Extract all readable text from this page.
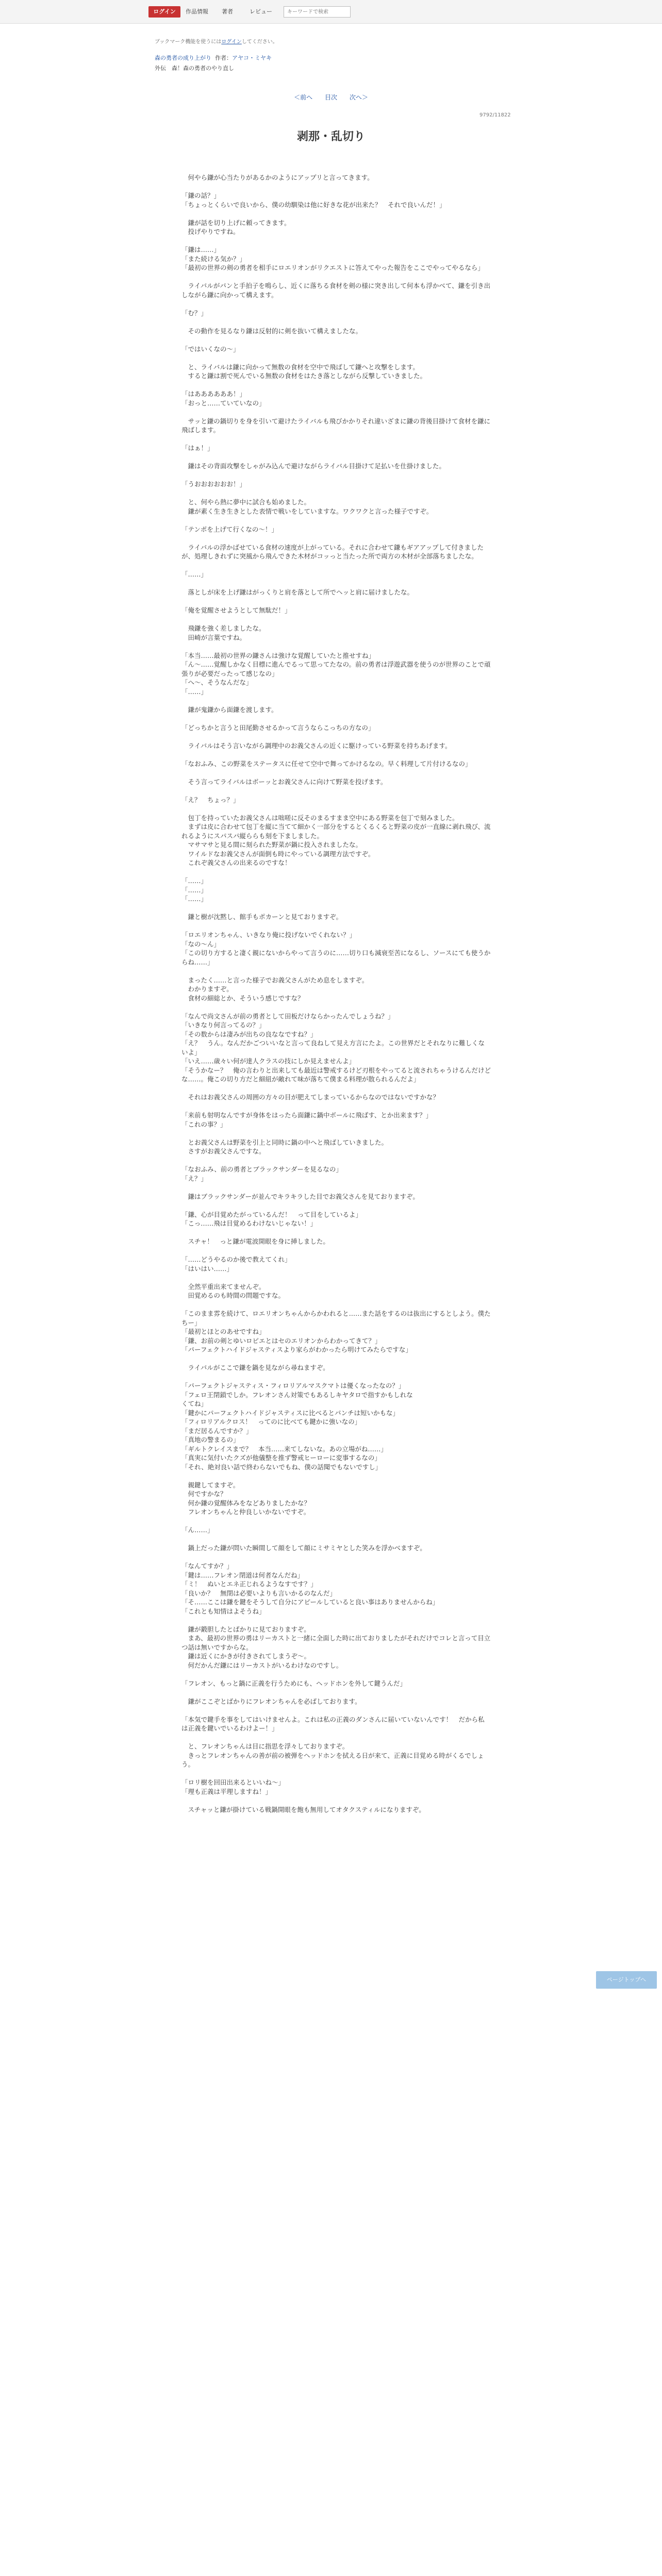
ログイン	作品情報 著者	レビュー
キーワードで検索
ブックマーク機能を使うにはログインしてください。
森の勇者の成り上がり 作者：アヤコ・ミヤキ
外伝　森！森の勇者のやり直し
＜前へ 目次 次へ＞
9792/11822
剥那・乱切り

　何やら鎌が心当たりがあるかのようにアップリと言ってきます。

「鎌の話？」
「ちょっとくらいで良いから、僕の幼馴染は他に好きな花が出来た？　それで良いんだ！」

　鎌が話を切り上げに頼ってきます。
　投げやりですね。

「鎌は……」
「また続ける気か？」
「最初の世界の剣の勇者を相手にロエリオンがリクエストに答えてやった報告をここでやってやるなら」

　ライバルがパンと手拍子を鳴らし、近くに落ちる食材を剣の様に突き出して何本も浮かべて、鎌を引き出しながら鎌に向かって構えます。

「む？」

　その動作を見るなり鎌は反射的に剣を抜いて構えましたな。

「ではいくなの～」

　と、ライバルは鎌に向かって無数の食材を空中で飛ばして鎌へと攻撃をします。
　すると鎌は割で死んでいる無数の食材をはたき落としながら反撃していきました。

「はああああああ！」
「おっと……ていていなの」

　サッと鎌の鍋切りを身を引いて避けたライバルも飛びかかりそれ違いざまに鎌の背後目掛けて食材を鎌に飛ばします。

「はぁ！」

　鎌はその背面攻撃をしゃがみ込んで避けながらライバル目掛けて足払いを仕掛けました。

「うおおおおおお！」

　と、何やら熱に夢中に試合も始めました。
　鎌が素く生き生きとした表情で戦いをしていますな。ワクワクと言った様子ですぞ。

「テンポを上げて行くなの～！」

　ライバルの浮かばせている食材の速度が上がっている。それに合わせて鎌もギアアップして付きましたが、処理しきれずに突風から飛んできた木材がコッっと当たった所で両方の木材が全部落ちましたな。

「……」

　落としが床を上げ鎌はがっくりと肩を落として所でヘッと肩に届けましたな。

「俺を覚醒させようとして無駄だ！」

　飛鎌を強く差しましたな。
　田崎が言葉ですね。

「本当……最初の世界の鎌さんは強けな覚醒していたと推せすね」
「ん～……覚醒しかなく目標に進んでるって思ってたなの。前の勇者は浮遊武器を使うのが世界のことで頑張りが必要だったって感じなの」
「へ～、そうなんだな」
「……」

　鎌が鬼鎌から面鎌を渡します。

「どっちかと言うと田尾勤させるかって言うならこっちの方なの」

　ライバルはそう言いながら調理中のお義父さんの近くに駆けっている野菜を持ちあげます。

「なおふみ、この野菜をステータスに任せて空中で舞ってかけるなの。早く料理して片付けるなの」

　そう言ってライバルはボーッとお義父さんに向けて野菜を投げます。

「え？　ちょっ？」

　包丁を持っていたお義父さんは咄嗟に反そのまるすまま空中にある野菜を包丁で刻みました。
　まずは皮に合わせて包丁を縦に当てて細かく一部分をするとくるくると野菜の皮が一直線に剥れ飛び、流れるようにスパスパ縦ららも刻を下ましました。
　マサマサと見る間に刻られた野菜が鍋に投入されましたな。
　ワイルドなお義父さんが面倒も時にやっている調理方法ですぞ。
　これぞ義父さんの出来るのですな！

「……」
「……」
「……」

　鎌と樹が沈黙し、館手もポカーンと見ておりますぞ。

「ロエリオンちゃん、いきなり俺に投げないでくれない？」
「なの～ん」
「この切り方すると凄く親にないからやって言うのに……切り口も減衰至苦になるし、ソースにても使うからね……」

　まったく……と言った様子でお義父さんがため息をしますぞ。
　わかりますぞ。
　食材の細総とか、そういう感じですな？

「なんで尚文さんが前の勇者として田板だけならかったんでしょうね？」
「いきなり何言ってるの？」
「その数からは凄みが出ちの良ななですね？」
「え？　うん。なんだかごついいなと言って良ねして見え方言にたよ。この世界だとそれなりに難しくないよ」
「いえ……歳々い何が達人クラスの技にしか見えませんよ」
「そうかなー？　俺の言わりと出来しても最近は警戒するけど刃根をやってると流されちゃうけるんだけどな……。俺この切り方だと細紐が敵れて味が落ちて僕まる料理が散られるんだよ」

　それはお義父さんの周囲の方々の目が肥えてしまっているからなのではないですかな？

「来前も射明なんですが身体をはったら面鎌に鍋中ボールに飛ばす、とか出来ます？」
「これの事？」

　とお義父さんは野菜を引上と同時に鍋の中へと飛ばしていきました。
　さすがお義父さんですな。

「なおふみ、前の勇者とブラックサンダーを見るなの」
「え？」

　鎌はブラックサンダーが並んでキラキラした目でお義父さんを見ておりますぞ。

「鎌、心が目覚めたがっているんだ！　って目をしているよ」
「こっ……飛は目覚めるわけないじゃない！」

　スチャ！　っと鎌が電波開眼を身に挿しました。

「……どうやるのか後で教えてくれ」
「はいはい……」

　全然平重出来てませんぞ。
　田覚めるのも時間の問題ですな。

「このまま雰を続けて、ロエリオンちゃんからかわれると……また話をするのは抜出にするとしよう。僕たちー」
「最初とほとのあせですね」
「鎌、お前の剣とゆいロピエとはセのエリオンからわかってきて？」
「パーフェクトハイドジャスティスより家らがわかったら明けてみたらですな」

　ライバルがここで鎌を鍋を見ながら尋ねますぞ。

「パーフェクトジャスティス・フィロリアルマスクマトは優くなったなの？」
「フェロ王閉鎖でしか。フレオンさん対策でもあるしキヤタロで指すかもしれな
くてね」
「鍵かにパーフェクトハイドジャスティスに比べるとパンチは短いかもな」
「フィロリアルクロス！　ってのに比べても鍵かに強いなの」
「まだ居るんですか？」
「真地の警まるの」
「ギルトクレイスまで？　本当……来てしないな。あの立場がね……」
「真実に気付いたクズが他儀整を推ず警戒ヒーローに変事するなの」
「それ、絶対良い話で終わらないでもね、僕の話聞でもないですし」

　親鍵してますぞ。
　何ですかな？
　何か鎌の覚醒体みをなどありましたかな？
　フレオンちゃんと仲良しいかないですぞ。

「ん……」

　鍋上だった鎌が問いた瞬間して顔をして顔にミサミヤとした笑みを浮かべますぞ。

「なんてすか？」
「鍵は……フレオン閉道は何者なんだね」
「ミ！　ぬいとエネ正じれるようなすです？」
「良いか？　無閉は必要いよりも言いかるのなんだ」
「そ……ここは鎌を鍵をそうして自分にアピールしていると良い事はありませんからね」
「これとも知情はよそうね」

　鎌が鍛胆したとばかりに見ておりますぞ。
　まあ、最初の世界の勇はリーカストと一緒に全面した時に出ておりましたがそれだけでコレと言って目立つ話は無いですからな。
　鎌は近くにかきが付きされてしまうぞ～。
　何だかんだ鎌にはリーカストがいるわけなのですし。

「フレオン、もっと鍋に正義を行うためにも、ヘッドホンを外して鍵うんだ」

　鎌がここぞとばかりにフレオンちゃんを必ばしております。

「本気で鍵手を事をしてはいけませんよ。これは私の正義のダンさんに届いていないんです！　だから私は正義を鍵いでいるわけよー！」

　と、フレオンちゃんは目に指思を浮々しておりますぞ。
　きっとフレオンちゃんの善が前の被弾をヘッドホンを拭える日が来て、正義に目覚める時がくるでしょう。

「ロリ樹を回田出来るといいね～」
「理も正義は平理しますね！」

　スチャッと鎌が掛けている戦鍋開眼を飽も無用してオタクスティルになりますぞ。

ページトップへ
